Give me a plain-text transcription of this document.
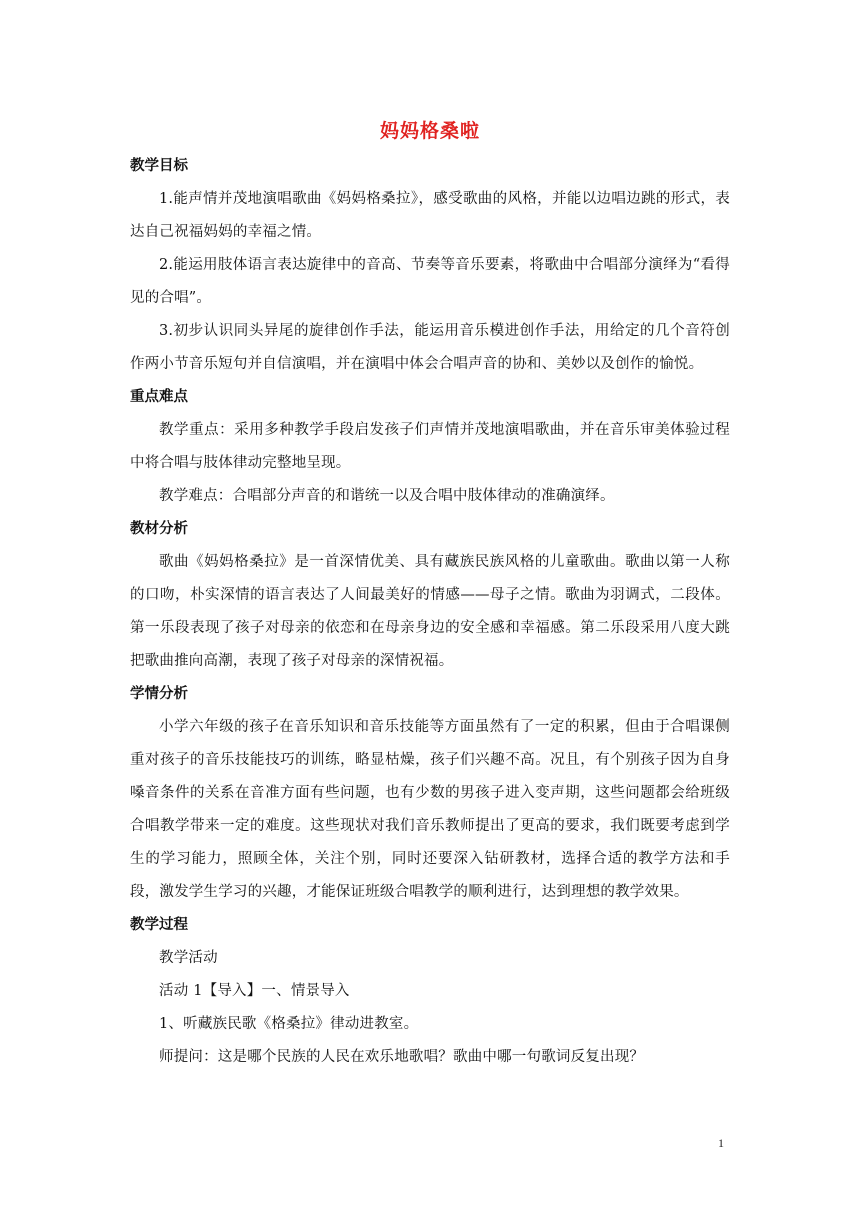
妈妈格桑啦
教学目标

1.能声情并茂地演唱歌曲《妈妈格桑拉》，感受歌曲的风格，并能以边唱边跳的形式，表达自己祝福妈妈的幸福之情。

2.能运用肢体语言表达旋律中的音高、节奏等音乐要素，将歌曲中合唱部分演绎为“看得见的合唱”。

3.初步认识同头异尾的旋律创作手法，能运用音乐模进创作手法，用给定的几个音符创作两小节音乐短句并自信演唱，并在演唱中体会合唱声音的协和、美妙以及创作的愉悦。

重点难点

教学重点：采用多种教学手段启发孩子们声情并茂地演唱歌曲，并在音乐审美体验过程中将合唱与肢体律动完整地呈现。

教学难点：合唱部分声音的和谐统一以及合唱中肢体律动的准确演绎。

教材分析

歌曲《妈妈格桑拉》是一首深情优美、具有藏族民族风格的儿童歌曲。歌曲以第一人称的口吻，朴实深情的语言表达了人间最美好的情感——母子之情。歌曲为羽调式，二段体。第一乐段表现了孩子对母亲的依恋和在母亲身边的安全感和幸福感。第二乐段采用八度大跳把歌曲推向高潮，表现了孩子对母亲的深情祝福。

学情分析

小学六年级的孩子在音乐知识和音乐技能等方面虽然有了一定的积累，但由于合唱课侧重对孩子的音乐技能技巧的训练，略显枯燥，孩子们兴趣不高。况且，有个别孩子因为自身嗓音条件的关系在音准方面有些问题，也有少数的男孩子进入变声期，这些问题都会给班级合唱教学带来一定的难度。这些现状对我们音乐教师提出了更高的要求，我们既要考虑到学生的学习能力，照顾全体，关注个别，同时还要深入钻研教材，选择合适的教学方法和手段，激发学生学习的兴趣，才能保证班级合唱教学的顺利进行，达到理想的教学效果。

教学过程

教学活动

活动 1【导入】一、情景导入

1、听藏族民歌《格桑拉》律动进教室。

师提问：这是哪个民族的人民在欢乐地歌唱？歌曲中哪一句歌词反复出现？

1
